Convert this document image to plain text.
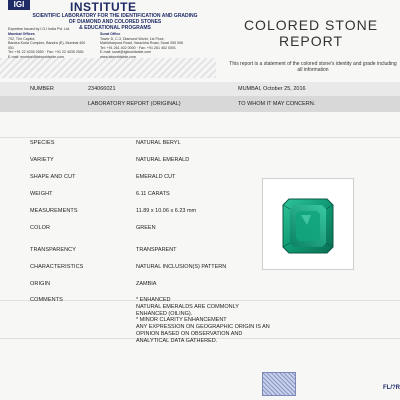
IGI	INSTITUTE
SCIENTIFIC LABORATORY FOR THE IDENTIFICATION AND GRADING
OF DIAMOND AND COLORED STONES
& EDUCATIONAL PROGRAMS
Expertise Issued by I.G.I India Pvt. Ltd.
Mumbai Offices
702, The Capitol,
Bandra Kurla Complex, Bandra (E), Mumbai 400 051
Tel: +91 22 4035 2550 · Fax: +91 22 4035 2551
E-mail: mumbai@igiworldwide.com
Surat Office
Tower D, C-3, Diamond World, 1st Floor,
Mahidharpura Road, Varachha Road, Surat 395 006
Tel: +91 261 402 0000 · Fax: +91 261 402 0001
E-mail: surat@igiworldwide.com
www.igiworldwide.com
COLORED STONE
REPORT
This report is a statement of the colored stone's identity and grade including all information
NUMBER	234066021	MUMBAI, October 25, 2016
LABORATORY REPORT (ORIGINAL)	TO WHOM IT MAY CONCERN.
SPECIES	NATURAL BERYL
VARIETY	NATURAL EMERALD
SHAPE AND CUT	EMERALD CUT
WEIGHT	6.11 CARATS
MEASUREMENTS	11.89 x 10.06 x 6.23 mm
COLOR	GREEN
TRANSPARENCY	TRANSPARENT
CHARACTERISTICS	NATURAL INCLUSION(S) PATTERN
ORIGIN	ZAMBIA
COMMENTS	* ENHANCED
NATURAL EMERALDS ARE COMMONLY
ENHANCED (OILING).
* MINOR CLARITY ENHANCEMENT
ANY EXPRESSION ON GEOGRAPHIC ORIGIN IS AN
OPINION BASED ON OBSERVATION AND
ANALYTICAL DATA GATHERED.
FL/?R
